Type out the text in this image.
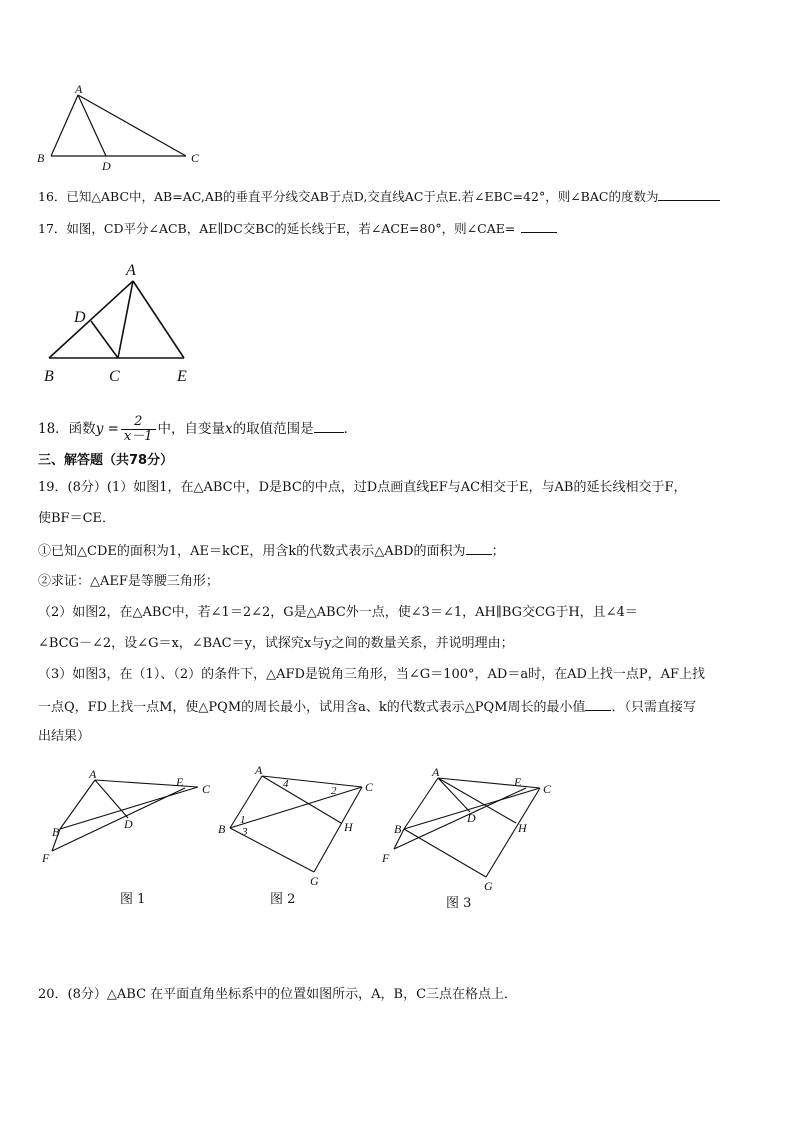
A
B
D
C
16．已知△ABC中，AB=AC,AB的垂直平分线交AB于点D,交直线AC于点E.若∠EBC=42°，则∠BAC的度数为
17．如图，CD平分∠ACB，AE∥DC交BC的延长线于E，若∠ACE=80°，则∠CAE=
A
D
B	C	E
18．函数$y = \frac{2}{x-1}$ 中，自变量x的取值范围是 ．
三、解答题（共78分）
19．(8分）(1）如图1，在△ABC中，D是BC的中点，过D点画直线EF与AC相交于E，与AB的延长线相交于F，
使BF＝CE．
①已知△CDE的面积为1，AE＝kCE，用含k的代数式表示△ABD的面积为 ；
②求证：△AEF是等腰三角形；
（2）如图2，在△ABC中，若∠1＝2∠2，G是△ABC外一点，使∠3＝∠1，AH∥BG交CG于H，且∠4＝
∠BCG－∠2，设∠G＝x，∠BAC＝y，试探究x与y之间的数量关系，并说明理由；
（3）如图3，在（1）、（2）的条件下，△AFD是锐角三角形，当∠G＝100°，AD＝a时，在AD上找一点P，AF上找
一点Q，FD上找一点M，使△PQM的周长最小，试用含a、k的代数式表示△PQM周长的最小值 ．（只需直接写
出结果）
A
E C
D
B
F
图 1
A
C
B	H
G
1
3
4
2
图 2
A
E C
D
H
B
F
G
图 3
20．(8分）△ABC 在平面直角坐标系中的位置如图所示，A，B，C三点在格点上．
